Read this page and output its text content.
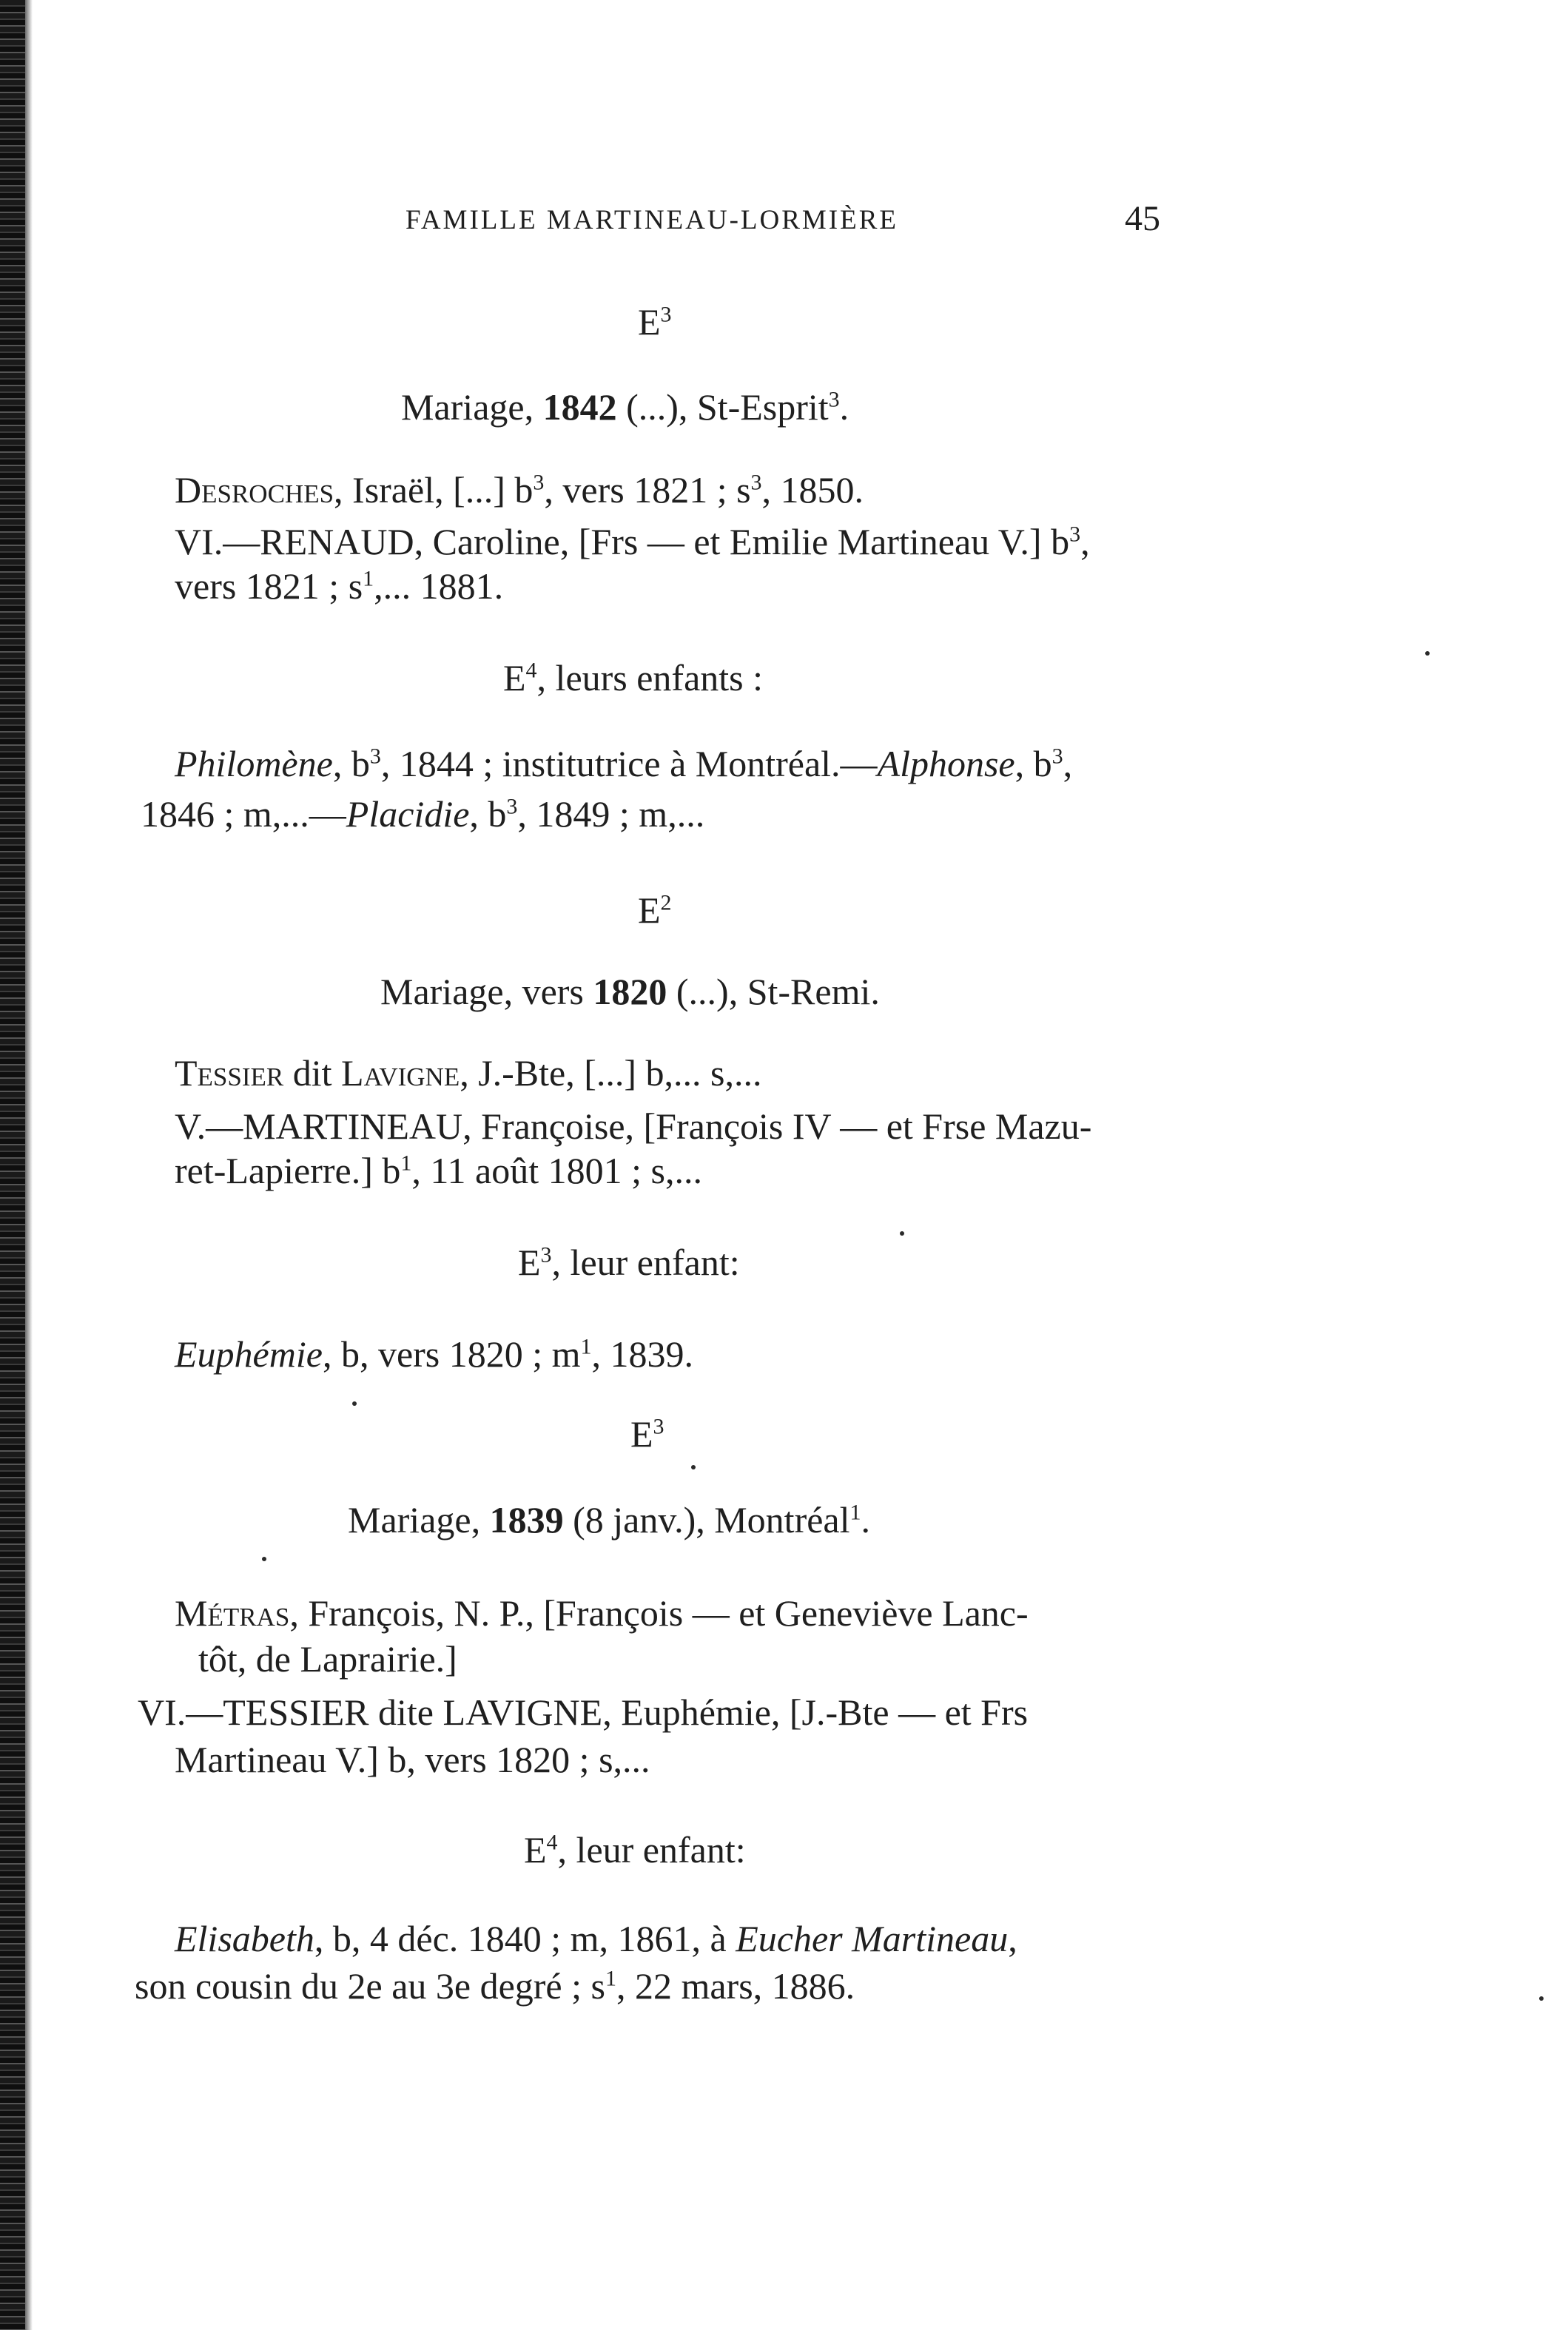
FAMILLE MARTINEAU-LORMIÈRE	45
$E^3$
Mariage, 1842 (...), St-Esprit$^3$.
Desroches, Israël, [...] $b^3$, vers 1821 ; $s^3$, 1850.
VI.—RENAUD, Caroline, [Frs — et Emilie Martineau V.] $b^3$,
vers 1821 ; $s^1$,... 1881.
$E^4$, leurs enfants :
Philomène, $b^3$, 1844 ; institutrice à Montréal.—Alphonse, $b^3$,
1846 ; m,...—Placidie, $b^3$, 1849 ; m,...
$E^2$
Mariage, vers 1820 (...), St-Remi.
Tessier dit Lavigne, J.-Bte, [...] b,... s,...
V.—MARTINEAU, Françoise, [François IV — et Frse Mazu-
ret-Lapierre.] $b^1$, 11 août 1801 ; s,...
$E^3$, leur enfant:
Euphémie, b, vers 1820 ; $m^1$, 1839.
$E^3$
Mariage, 1839 (8 janv.), Montréal$^1$.
Métras, François, N. P., [François — et Geneviève Lanc-
tôt, de Laprairie.]
VI.—TESSIER dite LAVIGNE, Euphémie, [J.-Bte — et Frs
Martineau V.] b, vers 1820 ; s,...
$E^4$, leur enfant:
Elisabeth, b, 4 déc. 1840 ; m, 1861, à Eucher Martineau,
son cousin du 2e au 3e degré ; $s^1$, 22 mars, 1886.
